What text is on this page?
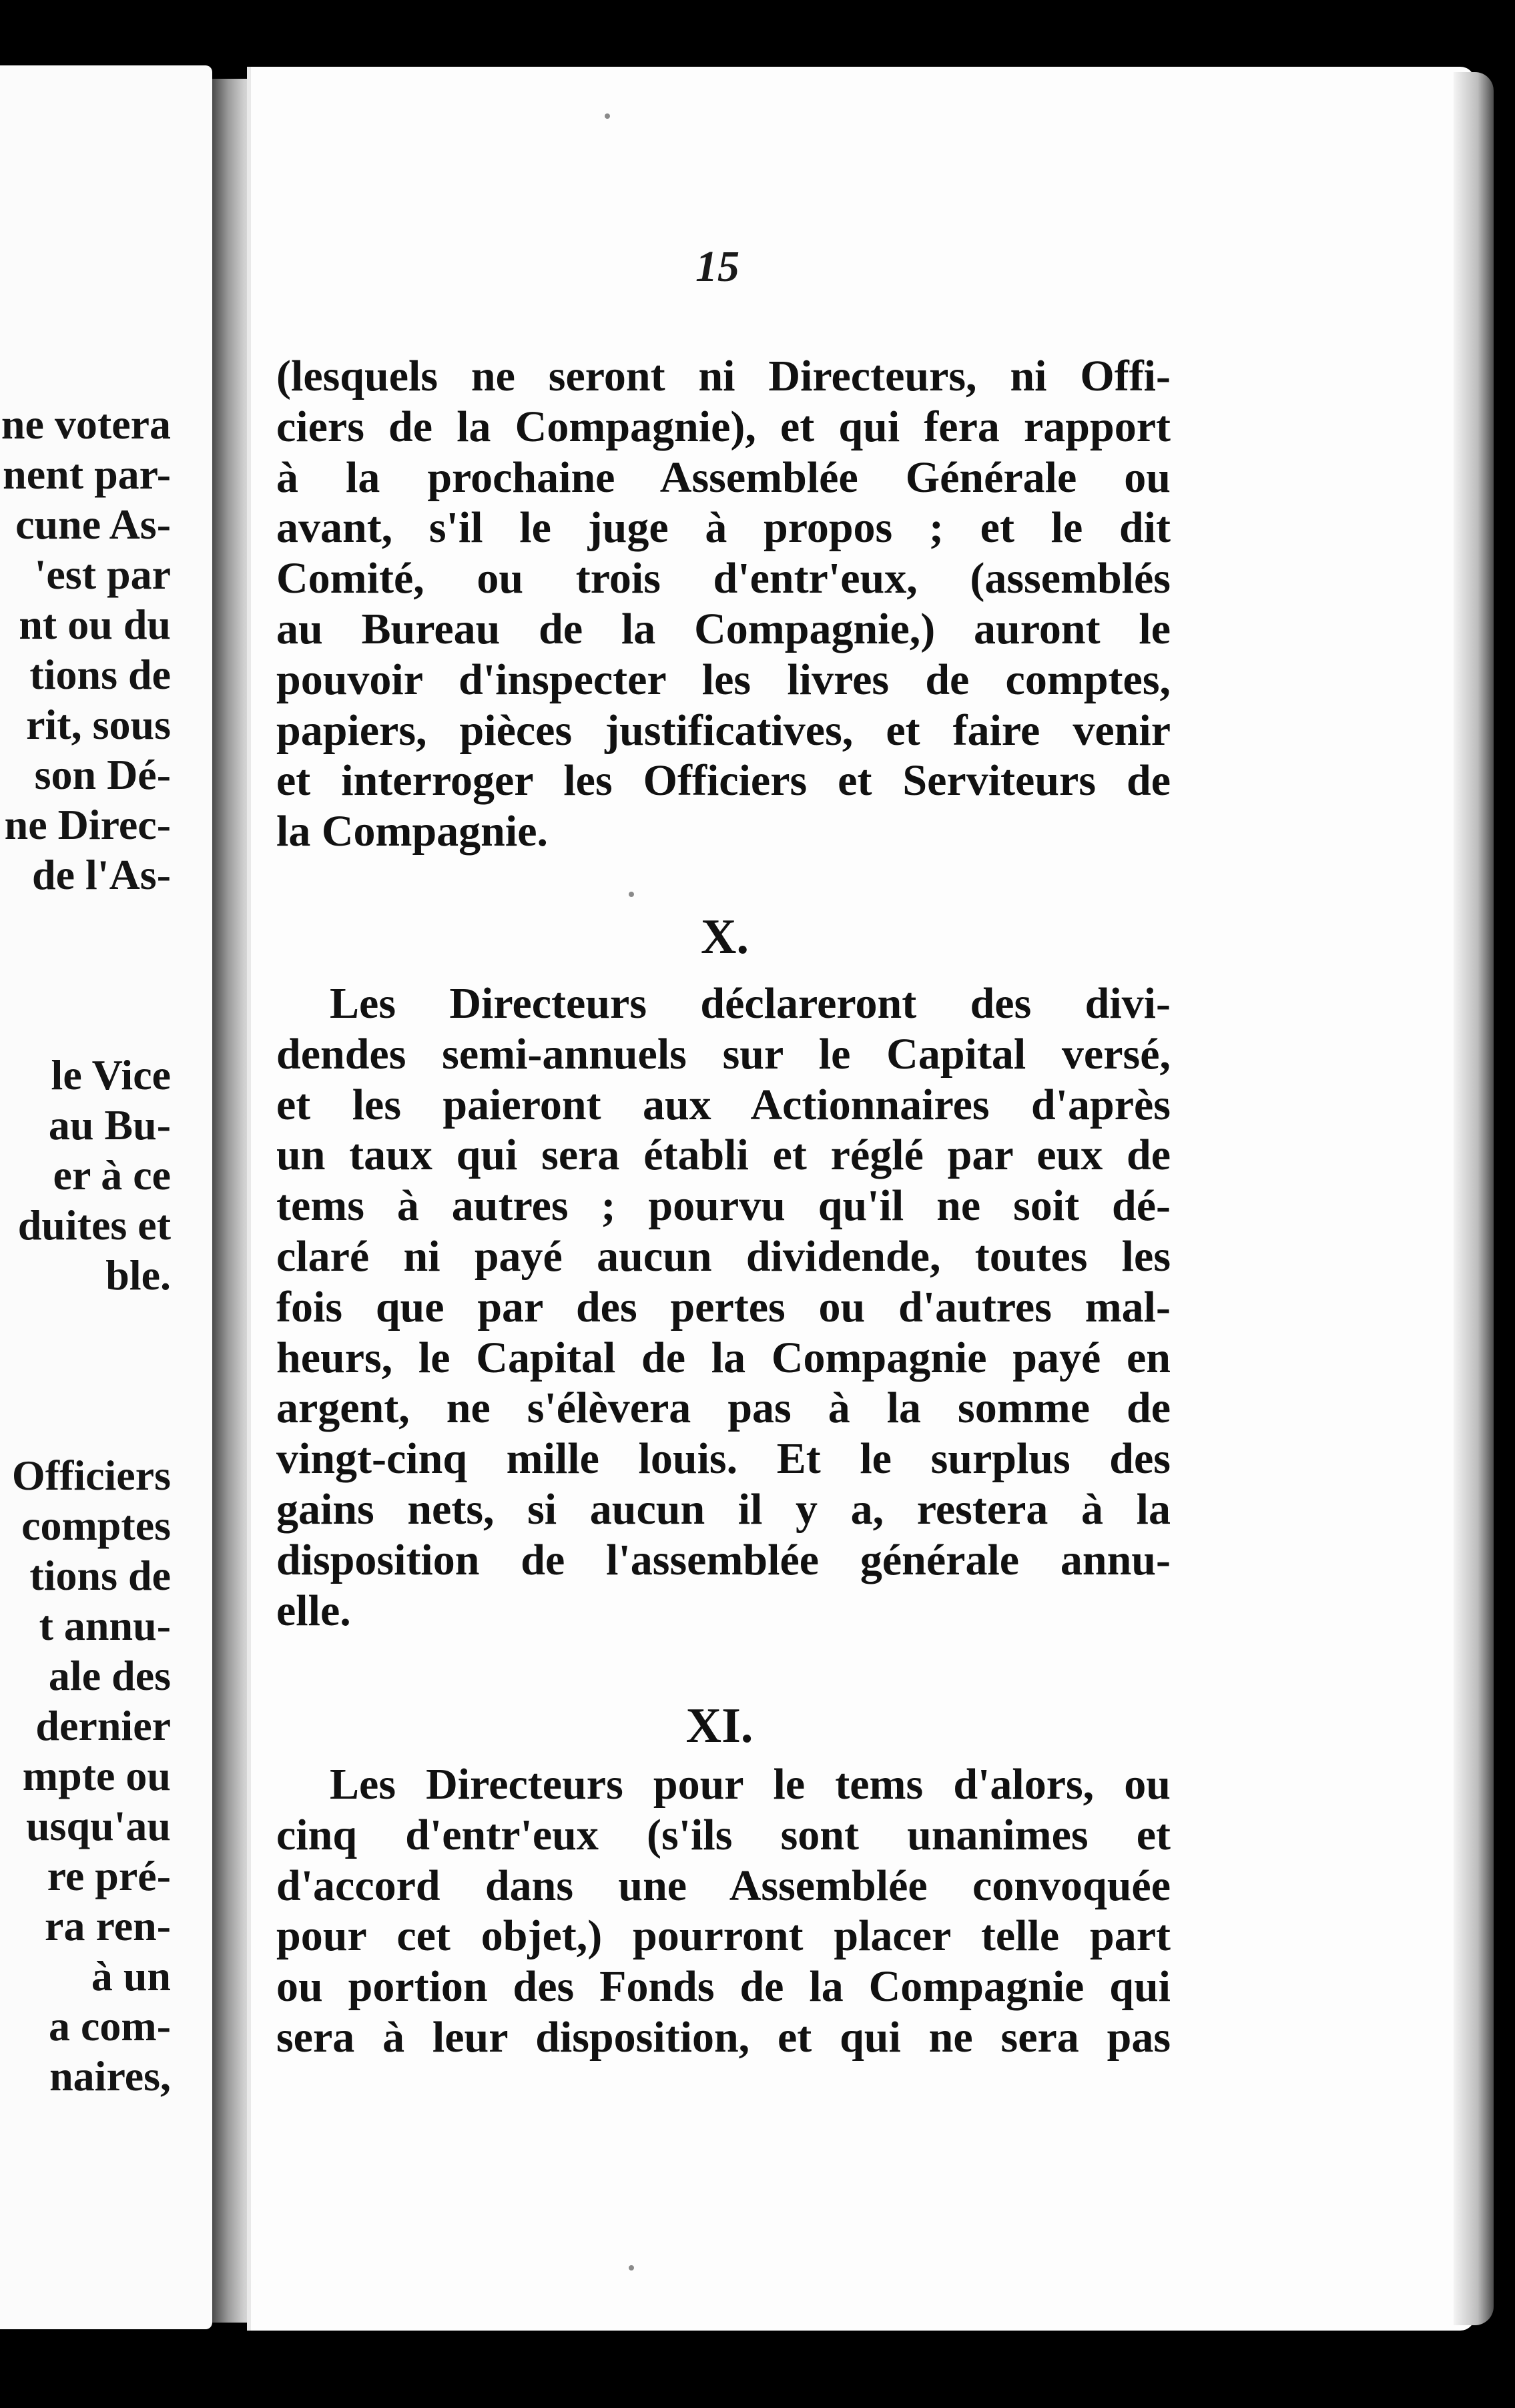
ne votera
nent par-
cune As-
'est par
nt ou du
tions de
rit, sous
son Dé-
ne Direc-
de l'As-

le Vice
au Bu-
er à ce
duites et
ble.

Officiers
comptes
tions de
t annu-
ale des
dernier
mpte ou
usqu'au
re pré-
ra ren-
à un
a com-
naires,
15
(lesquels ne seront ni Directeurs, ni Offi-
ciers de la Compagnie), et qui fera rapport
à la prochaine Assemblée Générale ou
avant, s'il le juge à propos ; et le dit
Comité, ou trois d'entr'eux, (assemblés
au Bureau de la Compagnie,) auront le
pouvoir d'inspecter les livres de comptes,
papiers, pièces justificatives, et faire venir
et interroger les Officiers et Serviteurs de
la Compagnie.
X.
Les Directeurs déclareront des divi-
dendes semi-annuels sur le Capital versé,
et les paieront aux Actionnaires d'après
un taux qui sera établi et réglé par eux de
tems à autres ; pourvu qu'il ne soit dé-
claré ni payé aucun dividende, toutes les
fois que par des pertes ou d'autres mal-
heurs, le Capital de la Compagnie payé en
argent, ne s'élèvera pas à la somme de
vingt-cinq mille louis. Et le surplus des
gains nets, si aucun il y a, restera à la
disposition de l'assemblée générale annu-
elle.
XI.
Les Directeurs pour le tems d'alors, ou
cinq d'entr'eux (s'ils sont unanimes et
d'accord dans une Assemblée convoquée
pour cet objet,) pourront placer telle part
ou portion des Fonds de la Compagnie qui
sera à leur disposition, et qui ne sera pas
